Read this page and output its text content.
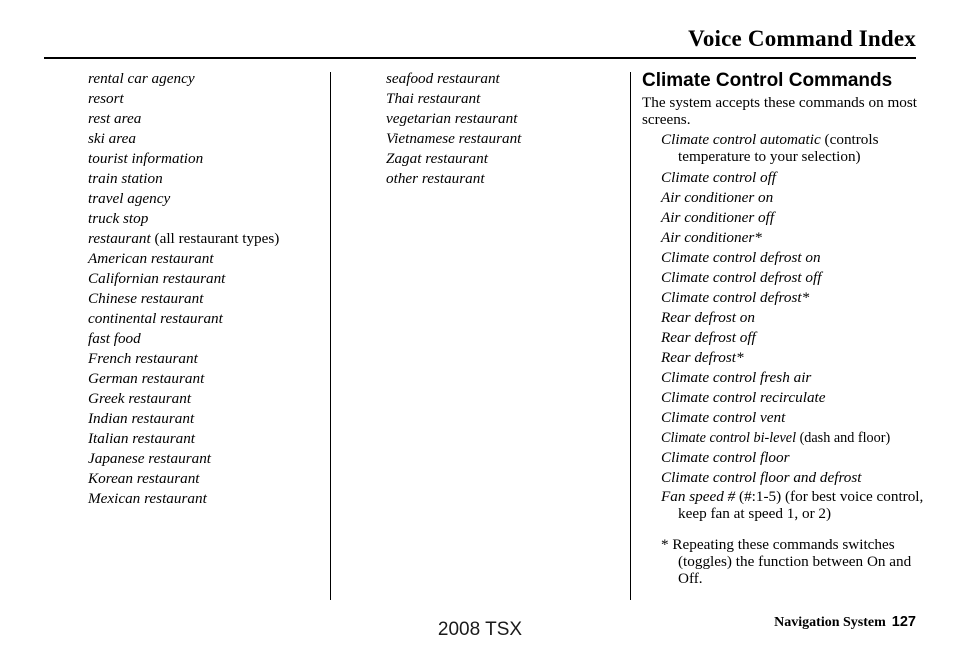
Voice Command Index
rental car agency
resort
rest area
ski area
tourist information
train station
travel agency
truck stop
restaurant (all restaurant types)
American restaurant
Californian restaurant
Chinese restaurant
continental restaurant
fast food
French restaurant
German restaurant
Greek restaurant
Indian restaurant
Italian restaurant
Japanese restaurant
Korean restaurant
Mexican restaurant
seafood restaurant
Thai restaurant
vegetarian restaurant
Vietnamese restaurant
Zagat restaurant
other restaurant
Climate Control Commands
The system accepts these commands on most screens.
Climate control automatic (controls temperature to your selection)
Climate control off
Air conditioner on
Air conditioner off
Air conditioner*
Climate control defrost on
Climate control defrost off
Climate control defrost*
Rear defrost on
Rear defrost off
Rear defrost*
Climate control fresh air
Climate control recirculate
Climate control vent
Climate control bi-level (dash and floor)
Climate control floor
Climate control floor and defrost
Fan speed # (#:1-5) (for best voice control, keep fan at speed 1, or 2)
* Repeating these commands switches (toggles) the function between On and Off.
Navigation System 127
2008 TSX
